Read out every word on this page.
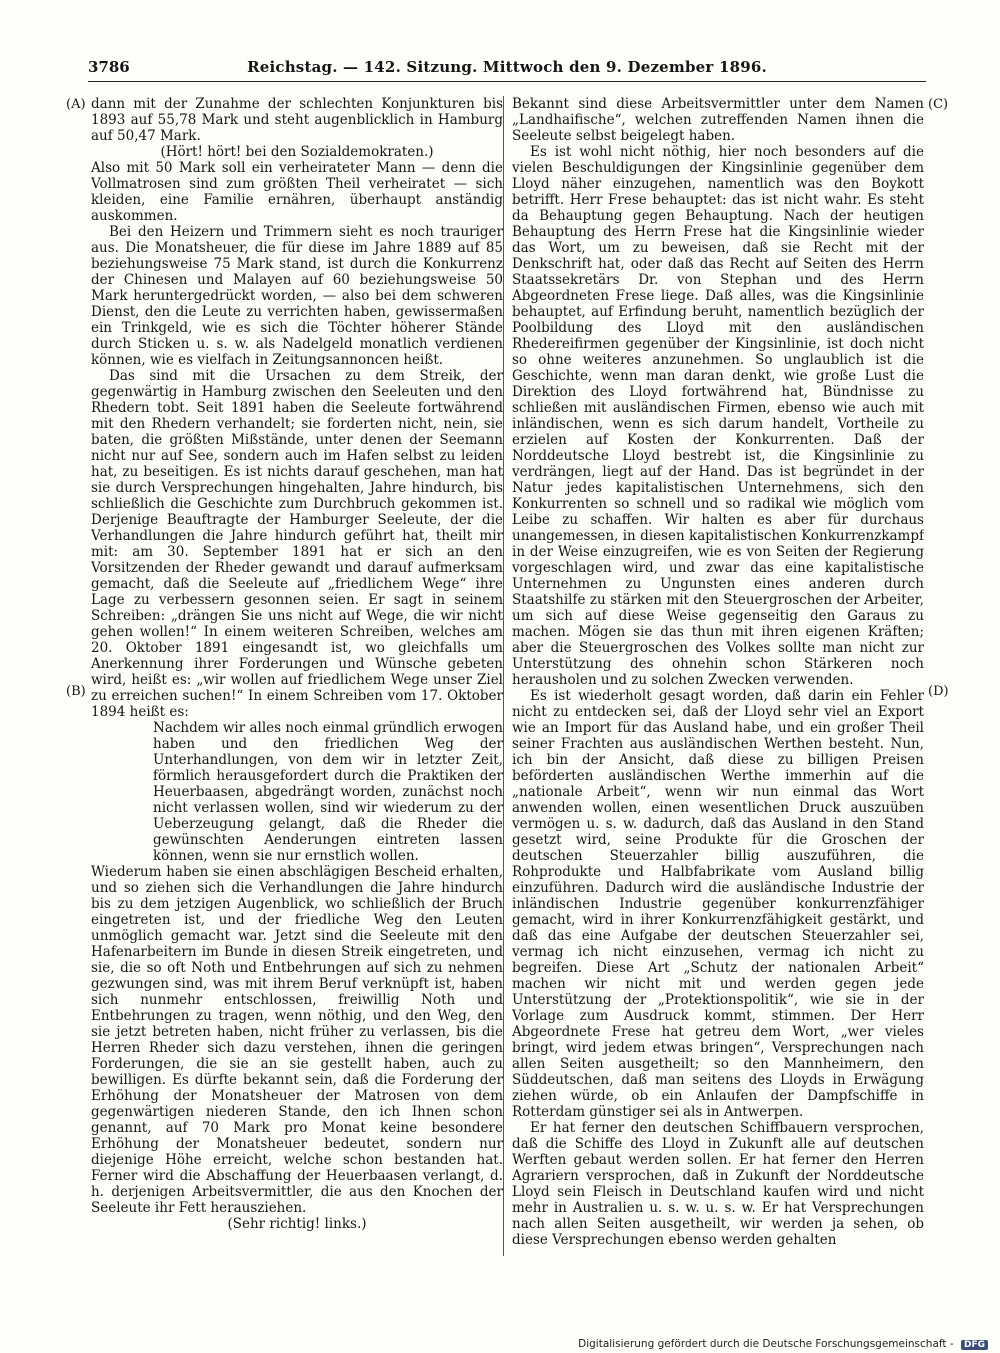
3786	Reichstag. — 142. Sitzung. Mittwoch den 9. Dezember 1896.
(A)
(B)
(C)
(D)

dann mit der Zunahme der schlechten Konjunkturen bis 1893 auf 55,78 Mark und steht augenblicklich in Hamburg auf 50,47 Mark.

(Hört! hört! bei den Sozialdemokraten.)

Also mit 50 Mark soll ein verheirateter Mann — denn die Vollmatrosen sind zum größten Theil verheiratet — sich kleiden, eine Familie ernähren, überhaupt anständig auskommen.

Bei den Heizern und Trimmern sieht es noch trauriger aus. Die Monatsheuer, die für diese im Jahre 1889 auf 85 beziehungsweise 75 Mark stand, ist durch die Konkurrenz der Chinesen und Malayen auf 60 beziehungsweise 50 Mark heruntergedrückt worden, — also bei dem schweren Dienst, den die Leute zu verrichten haben, gewissermaßen ein Trinkgeld, wie es sich die Töchter höherer Stände durch Sticken u. s. w. als Nadelgeld monatlich verdienen können, wie es vielfach in Zeitungsannoncen heißt.

Das sind mit die Ursachen zu dem Streik, der gegenwärtig in Hamburg zwischen den Seeleuten und den Rhedern tobt. Seit 1891 haben die Seeleute fortwährend mit den Rhedern verhandelt; sie forderten nicht, nein, sie baten, die größten Mißstände, unter denen der Seemann nicht nur auf See, sondern auch im Hafen selbst zu leiden hat, zu beseitigen. Es ist nichts darauf geschehen, man hat sie durch Versprechungen hingehalten, Jahre hindurch, bis schließlich die Geschichte zum Durchbruch gekommen ist. Derjenige Beauftragte der Hamburger Seeleute, der die Verhandlungen die Jahre hindurch geführt hat, theilt mir mit: am 30. September 1891 hat er sich an den Vorsitzenden der Rheder gewandt und darauf aufmerksam gemacht, daß die Seeleute auf „friedlichem Wege“ ihre Lage zu verbessern gesonnen seien. Er sagt in seinem Schreiben: „drängen Sie uns nicht auf Wege, die wir nicht gehen wollen!“ In einem weiteren Schreiben, welches am 20. Oktober 1891 eingesandt ist, wo gleichfalls um Anerkennung ihrer Forderungen und Wünsche gebeten wird, heißt es: „wir wollen auf friedlichem Wege unser Ziel zu erreichen suchen!“ In einem Schreiben vom 17. Oktober 1894 heißt es:

Nachdem wir alles noch einmal gründlich erwogen haben und den friedlichen Weg der Unterhandlungen, von dem wir in letzter Zeit, förmlich herausgefordert durch die Praktiken der Heuerbaasen, abgedrängt worden, zunächst noch nicht verlassen wollen, sind wir wiederum zu der Ueberzeugung gelangt, daß die Rheder die gewünschten Aenderungen eintreten lassen können, wenn sie nur ernstlich wollen.

Wiederum haben sie einen abschlägigen Bescheid erhalten, und so ziehen sich die Verhandlungen die Jahre hindurch bis zu dem jetzigen Augenblick, wo schließlich der Bruch eingetreten ist, und der friedliche Weg den Leuten unmöglich gemacht war. Jetzt sind die Seeleute mit den Hafenarbeitern im Bunde in diesen Streik eingetreten, und sie, die so oft Noth und Entbehrungen auf sich zu nehmen gezwungen sind, was mit ihrem Beruf verknüpft ist, haben sich nunmehr entschlossen, freiwillig Noth und Entbehrungen zu tragen, wenn nöthig, und den Weg, den sie jetzt betreten haben, nicht früher zu verlassen, bis die Herren Rheder sich dazu verstehen, ihnen die geringen Forderungen, die sie an sie gestellt haben, auch zu bewilligen. Es dürfte bekannt sein, daß die Forderung der Erhöhung der Monatsheuer der Matrosen von dem gegenwärtigen niederen Stande, den ich Ihnen schon genannt, auf 70 Mark pro Monat keine besondere Erhöhung der Monatsheuer bedeutet, sondern nur diejenige Höhe erreicht, welche schon bestanden hat. Ferner wird die Abschaffung der Heuerbaasen verlangt, d. h. derjenigen Arbeitsvermittler, die aus den Knochen der Seeleute ihr Fett herausziehen.

(Sehr richtig! links.)

Bekannt sind diese Arbeitsvermittler unter dem Namen „Landhaifische“, welchen zutreffenden Namen ihnen die Seeleute selbst beigelegt haben.

Es ist wohl nicht nöthig, hier noch besonders auf die vielen Beschuldigungen der Kingsinlinie gegenüber dem Lloyd näher einzugehen, namentlich was den Boykott betrifft. Herr Frese behauptet: das ist nicht wahr. Es steht da Behauptung gegen Behauptung. Nach der heutigen Behauptung des Herrn Frese hat die Kingsinlinie wieder das Wort, um zu beweisen, daß sie Recht mit der Denkschrift hat, oder daß das Recht auf Seiten des Herrn Staatssekretärs Dr. von Stephan und des Herrn Abgeordneten Frese liege. Daß alles, was die Kingsinlinie behauptet, auf Erfindung beruht, namentlich bezüglich der Poolbildung des Lloyd mit den ausländischen Rhedereifirmen gegenüber der Kingsinlinie, ist doch nicht so ohne weiteres anzunehmen. So unglaublich ist die Geschichte, wenn man daran denkt, wie große Lust die Direktion des Lloyd fortwährend hat, Bündnisse zu schließen mit ausländischen Firmen, ebenso wie auch mit inländischen, wenn es sich darum handelt, Vortheile zu erzielen auf Kosten der Konkurrenten. Daß der Norddeutsche Lloyd bestrebt ist, die Kingsinlinie zu verdrängen, liegt auf der Hand. Das ist begründet in der Natur jedes kapitalistischen Unternehmens, sich den Konkurrenten so schnell und so radikal wie möglich vom Leibe zu schaffen. Wir halten es aber für durchaus unangemessen, in diesen kapitalistischen Konkurrenzkampf in der Weise einzugreifen, wie es von Seiten der Regierung vorgeschlagen wird, und zwar das eine kapitalistische Unternehmen zu Ungunsten eines anderen durch Staatshilfe zu stärken mit den Steuergroschen der Arbeiter, um sich auf diese Weise gegenseitig den Garaus zu machen. Mögen sie das thun mit ihren eigenen Kräften; aber die Steuergroschen des Volkes sollte man nicht zur Unterstützung des ohnehin schon Stärkeren noch herausholen und zu solchen Zwecken verwenden.

Es ist wiederholt gesagt worden, daß darin ein Fehler nicht zu entdecken sei, daß der Lloyd sehr viel an Export wie an Import für das Ausland habe, und ein großer Theil seiner Frachten aus ausländischen Werthen besteht. Nun, ich bin der Ansicht, daß diese zu billigen Preisen beförderten ausländischen Werthe immerhin auf die „nationale Arbeit“, wenn wir nun einmal das Wort anwenden wollen, einen wesentlichen Druck auszuüben vermögen u. s. w. dadurch, daß das Ausland in den Stand gesetzt wird, seine Produkte für die Groschen der deutschen Steuerzahler billig auszuführen, die Rohprodukte und Halbfabrikate vom Ausland billig einzuführen. Dadurch wird die ausländische Industrie der inländischen Industrie gegenüber konkurrenzfähiger gemacht, wird in ihrer Konkurrenzfähigkeit gestärkt, und daß das eine Aufgabe der deutschen Steuerzahler sei, vermag ich nicht einzusehen, vermag ich nicht zu begreifen. Diese Art „Schutz der nationalen Arbeit“ machen wir nicht mit und werden gegen jede Unterstützung der „Protektionspolitik“, wie sie in der Vorlage zum Ausdruck kommt, stimmen. Der Herr Abgeordnete Frese hat getreu dem Wort, „wer vieles bringt, wird jedem etwas bringen“, Versprechungen nach allen Seiten ausgetheilt; so den Mannheimern, den Süddeutschen, daß man seitens des Lloyds in Erwägung ziehen würde, ob ein Anlaufen der Dampfschiffe in Rotterdam günstiger sei als in Antwerpen.

Er hat ferner den deutschen Schiffbauern versprochen, daß die Schiffe des Lloyd in Zukunft alle auf deutschen Werften gebaut werden sollen. Er hat ferner den Herren Agrariern versprochen, daß in Zukunft der Norddeutsche Lloyd sein Fleisch in Deutschland kaufen wird und nicht mehr in Australien u. s. w. u. s. w. Er hat Versprechungen nach allen Seiten ausgetheilt, wir werden ja sehen, ob diese Versprechungen ebenso werden gehalten

Digitalisierung gefördert durch die Deutsche Forschungsgemeinschaft - DFG
